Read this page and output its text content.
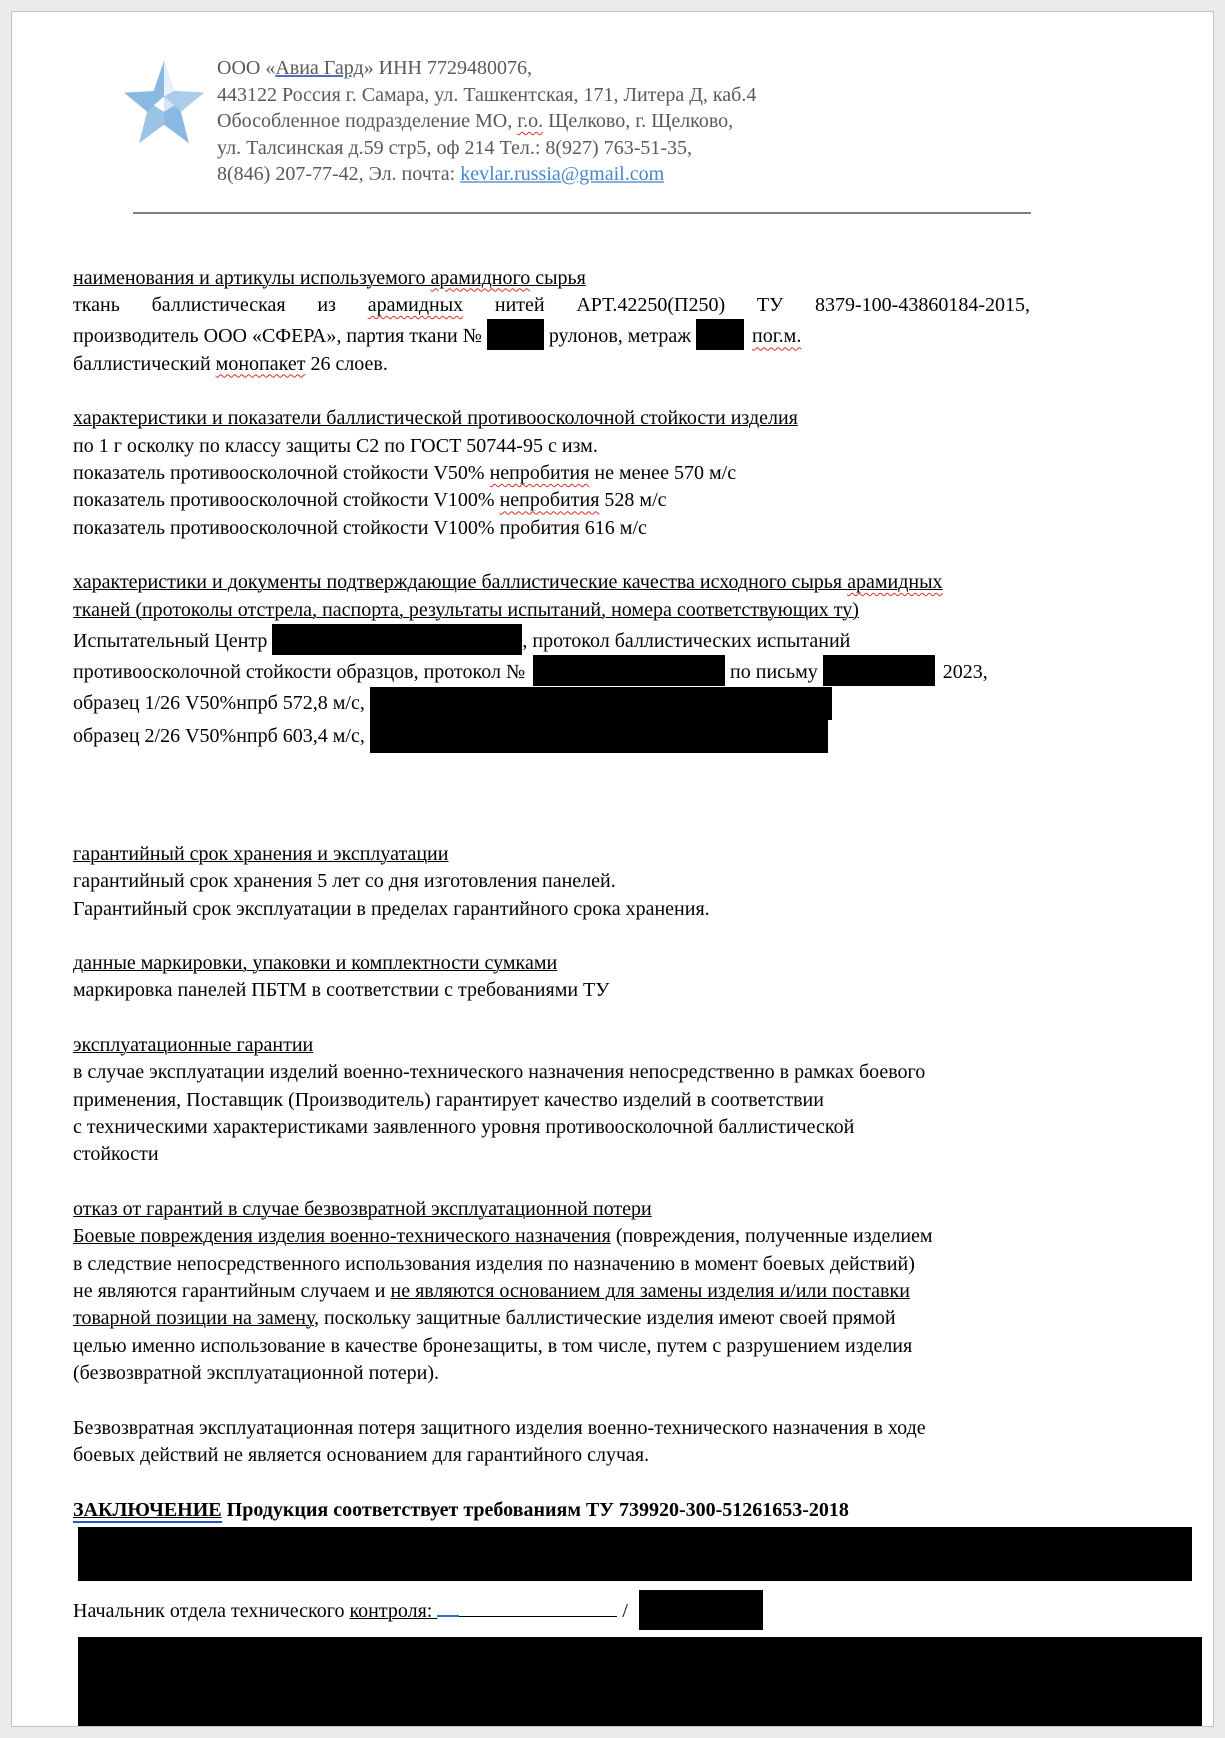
ООО «Авиа Гард» ИНН 7729480076,
443122 Россия г. Самара, ул. Ташкентская, 171, Литера Д, каб.4
Обособленное подразделение МО, г.о. Щелково, г. Щелково,
ул. Талсинская д.59 стр5, оф 214 Тел.: 8(927) 763-51-35,
8(846) 207-77-42, Эл. почта: kevlar.russia@gmail.com
наименования и артикулы используемого арамидного сырья
ткань баллистическая из арамидных нитей АРТ.42250(П250) ТУ 8379-100-43860184-2015,
производитель ООО «СФЕРА», партия ткани №	рулонов, метраж	пог.м.
баллистический монопакет 26 слоев.
характеристики и показатели баллистической противоосколочной стойкости изделия
по 1 г осколку по классу защиты С2 по ГОСТ 50744-95 с изм.
показатель противоосколочной стойкости V50% непробития не менее 570 м/с
показатель противоосколочной стойкости V100% непробития 528 м/с
показатель противоосколочной стойкости V100% пробития 616 м/с
характеристики и документы подтверждающие баллистические качества исходного сырья арамидных
тканей (протоколы отстрела, паспорта, результаты испытаний, номера соответствующих ту)
Испытательный Центр	, протокол баллистических испытаний
противоосколочной стойкости образцов, протокол №	по письму	2023,
образец 1/26 V50%нпрб 572,8 м/с,
образец 2/26 V50%нпрб 603,4 м/с,
гарантийный срок хранения и эксплуатации
гарантийный срок хранения 5 лет со дня изготовления панелей.
Гарантийный срок эксплуатации в пределах гарантийного срока хранения.
данные маркировки, упаковки и комплектности сумками
маркировка панелей ПБТМ в соответствии с требованиями ТУ
эксплуатационные гарантии
в случае эксплуатации изделий военно-технического назначения непосредственно в рамках боевого
применения, Поставщик (Производитель) гарантирует качество изделий в соответствии
с техническими характеристиками заявленного уровня противоосколочной баллистической
стойкости
отказ от гарантий в случае безвозвратной эксплуатационной потери
Боевые повреждения изделия военно-технического назначения (повреждения, полученные изделием
в следствие непосредственного использования изделия по назначению в момент боевых действий)
не являются гарантийным случаем и не являются основанием для замены изделия и/или поставки
товарной позиции на замену, поскольку защитные баллистические изделия имеют своей прямой
целью именно использование в качестве бронезащиты, в том числе, путем с разрушением изделия
(безвозвратной эксплуатационной потери).
Безвозвратная эксплуатационная потеря защитного изделия военно-технического назначения в ходе
боевых действий не является основанием для гарантийного случая.
ЗАКЛЮЧЕНИЕ Продукция соответствует требованиям ТУ 739920-300-51261653-2018
Начальник отдела технического контроля:	/
